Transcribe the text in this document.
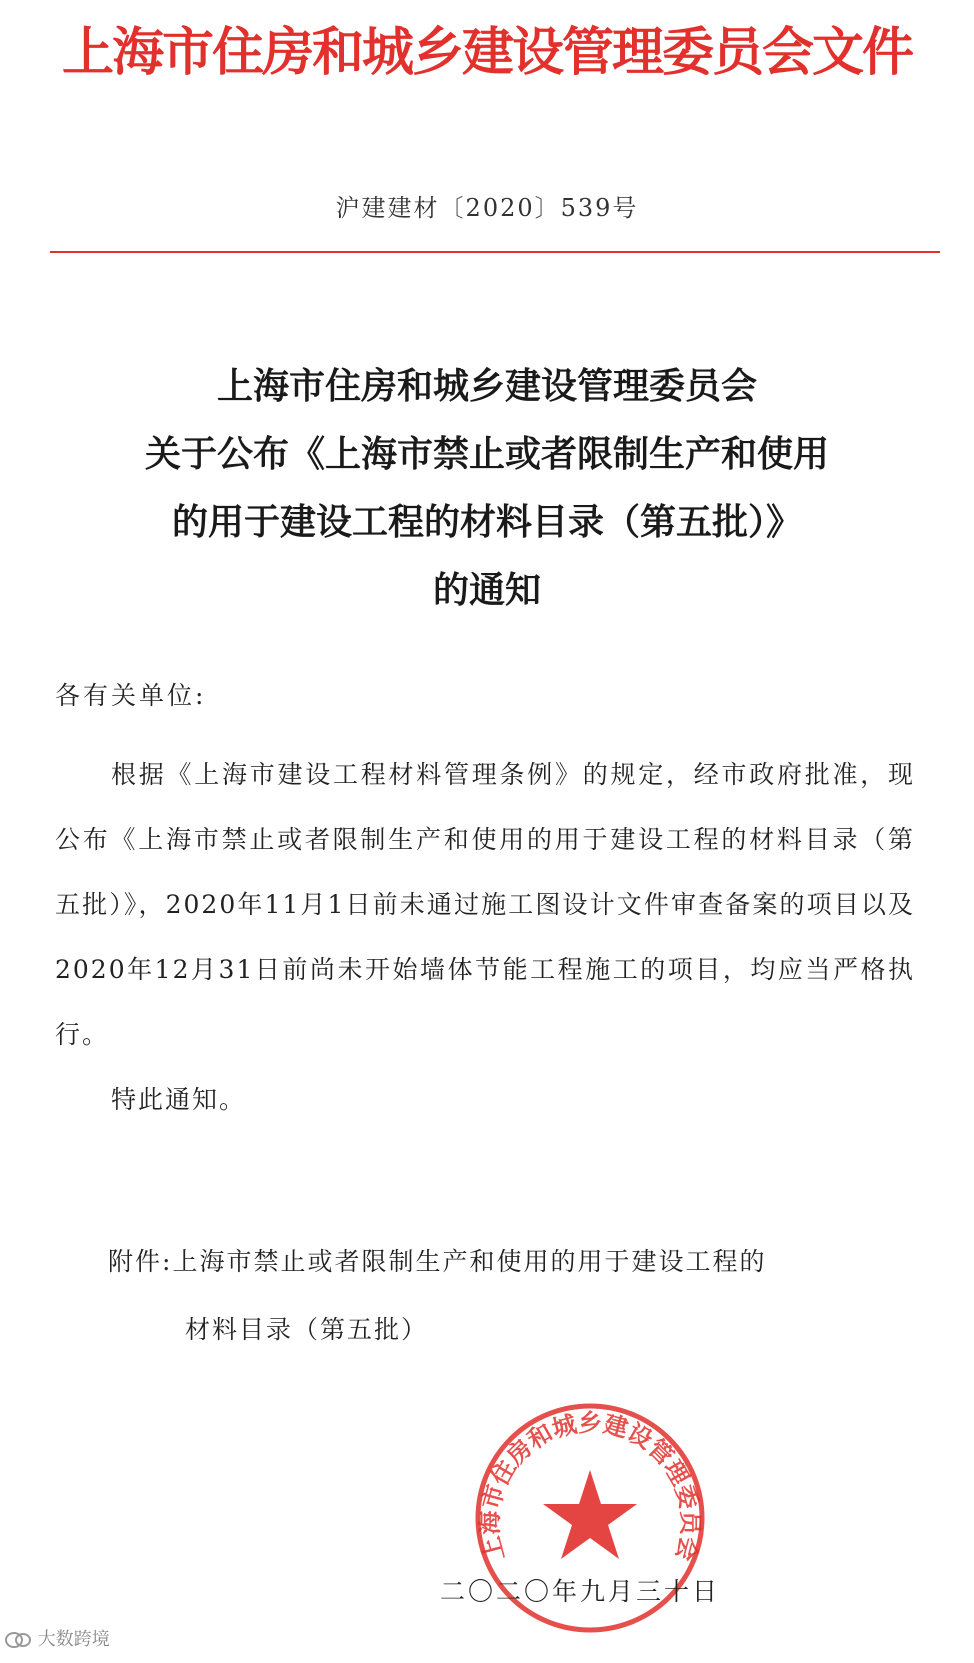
上海市住房和城乡建设管理委员会文件
沪建建材〔2020〕539号
上海市住房和城乡建设管理委员会
关于公布《上海市禁止或者限制生产和使用
的用于建设工程的材料目录（第五批）》
的通知
各有关单位:

根据《上海市建设工程材料管理条例》的规定，经市政府批准，现公布《上海市禁止或者限制生产和使用的用于建设工程的材料目录（第五批）》，2020年11月1日前未通过施工图设计文件审查备案的项目以及2020年12月31日前尚未开始墙体节能工程施工的项目，均应当严格执行。

特此通知。

附件:上海市禁止或者限制生产和使用的用于建设工程的
材料目录（第五批）
上海市住房和城乡建设管理委员会
二〇二〇年九月三十日
大数跨境
